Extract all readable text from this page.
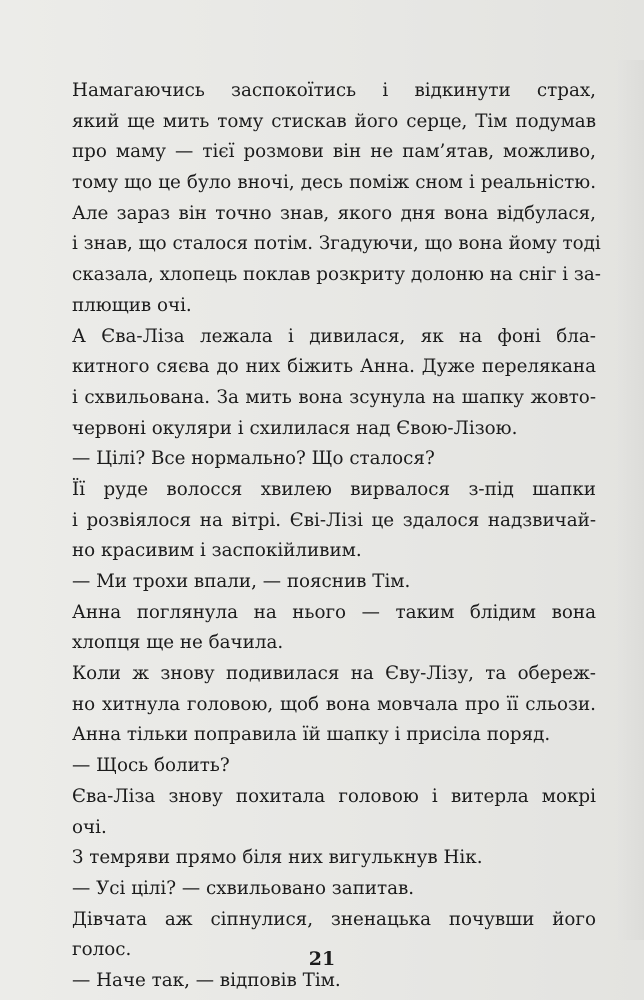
Намагаючись заспокоїтись і відкинути страх,
який ще мить тому стискав його серце, Тім подумав
про маму — тієї розмови він не пам’ятав, можливо,
тому що це було вночі, десь поміж сном і реальністю.
Але зараз він точно знав, якого дня вона відбулася,
і знав, що сталося потім. Згадуючи, що вона йому тоді
сказала, хлопець поклав розкриту долоню на сніг і за-
плющив очі.
А Єва-Ліза лежала і дивилася, як на фоні бла-
китного сяєва до них біжить Анна. Дуже перелякана
і схвильована. За мить вона зсунула на шапку жовто-
червоні окуляри і схилилася над Євою-Лізою.
— Цілі? Все нормально? Що сталося?
Її руде волосся хвилею вирвалося з-під шапки
і розвіялося на вітрі. Єві-Лізі це здалося надзвичай-
но красивим і заспокійливим.
— Ми трохи впали, — пояснив Тім.
Анна поглянула на нього — таким блідим вона
хлопця ще не бачила.
Коли ж знову подивилася на Єву-Лізу, та обереж-
но хитнула головою, щоб вона мовчала про її сльози.
Анна тільки поправила їй шапку і присіла поряд.
— Щось болить?
Єва-Ліза знову похитала головою і витерла мокрі
очі.
З темряви прямо біля них вигулькнув Нік.
— Усі цілі? — схвильовано запитав.
Дівчата аж сіпнулися, зненацька почувши його
голос.
— Наче так, — відповів Тім.
21
